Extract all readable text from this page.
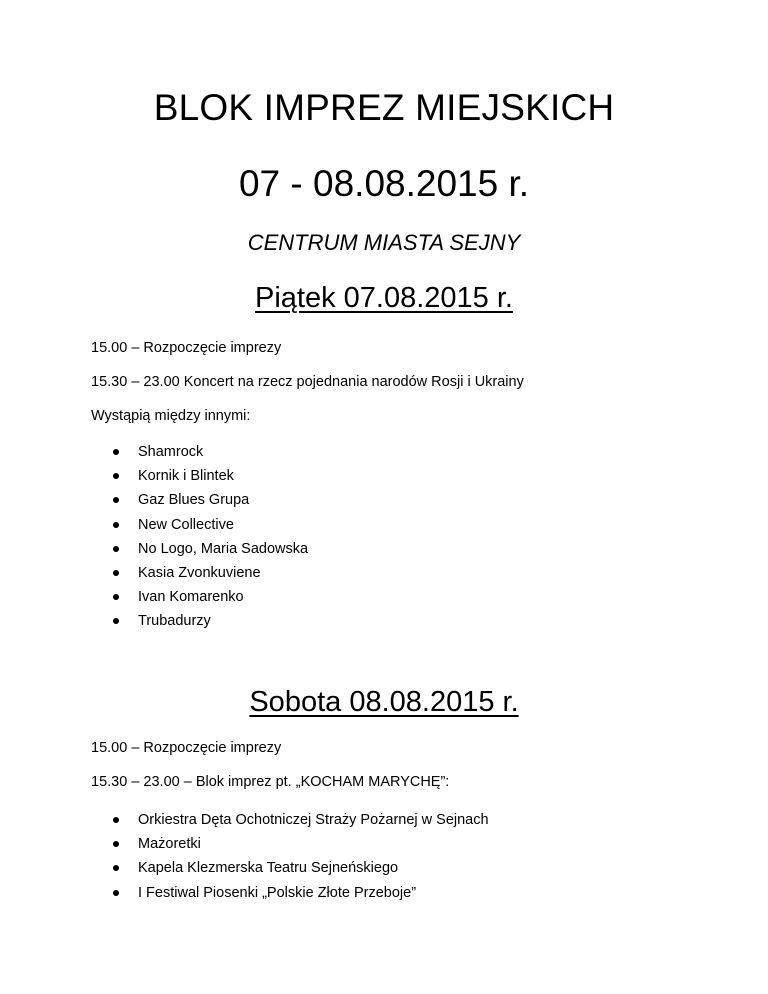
BLOK IMPREZ MIEJSKICH
07 - 08.08.2015 r.
CENTRUM MIASTA SEJNY
Piątek 07.08.2015 r.
15.00 – Rozpoczęcie imprezy
15.30 – 23.00 Koncert na rzecz pojednania narodów Rosji i Ukrainy
Wystąpią między innymi:
Shamrock
Kornik i Blintek
Gaz Blues Grupa
New Collective
No Logo, Maria Sadowska
Kasia Zvonkuviene
Ivan Komarenko
Trubadurzy
Sobota 08.08.2015 r.
15.00 – Rozpoczęcie imprezy
15.30 – 23.00 – Blok imprez pt. „KOCHAM MARYCHĘ”:
Orkiestra Dęta Ochotniczej Straży Pożarnej w Sejnach
Mażoretki
Kapela Klezmerska Teatru Sejneńskiego
I Festiwal Piosenki „Polskie Złote Przeboje”
